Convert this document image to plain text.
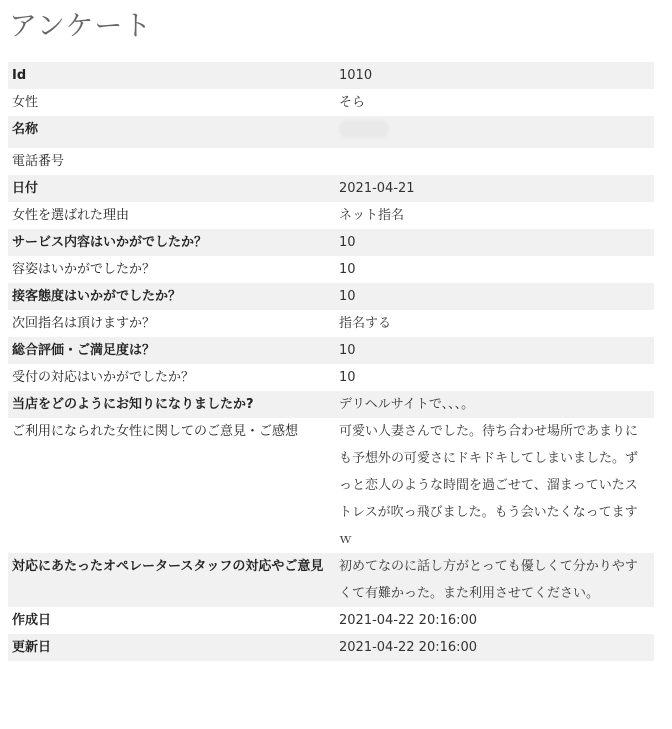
アンケート
Id	1010
女性	そら
名称	
電話番号	
日付	2021-04-21
女性を選ばれた理由	ネット指名
サービス内容はいかがでしたか？	10
容姿はいかがでしたか？	10
接客態度はいかがでしたか？	10
次回指名は頂けますか？	指名する
総合評価・ご満足度は？	10
受付の対応はいかがでしたか？	10
当店をどのようにお知りになりましたか?	デリヘルサイトで、、、。
ご利用になられた女性に関してのご意見・ご感想	可愛い人妻さんでした。待ち合わせ場所であまりにも予想外の可愛さにドキドキしてしまいました。ずっと恋人のような時間を過ごせて、溜まっていたストレスが吹っ飛びました。もう会いたくなってますｗ
対応にあたったオペレータースタッフの対応やご意見	初めてなのに話し方がとっても優しくて分かりやすくて有難かった。また利用させてください。
作成日	2021-04-22 20:16:00
更新日	2021-04-22 20:16:00
